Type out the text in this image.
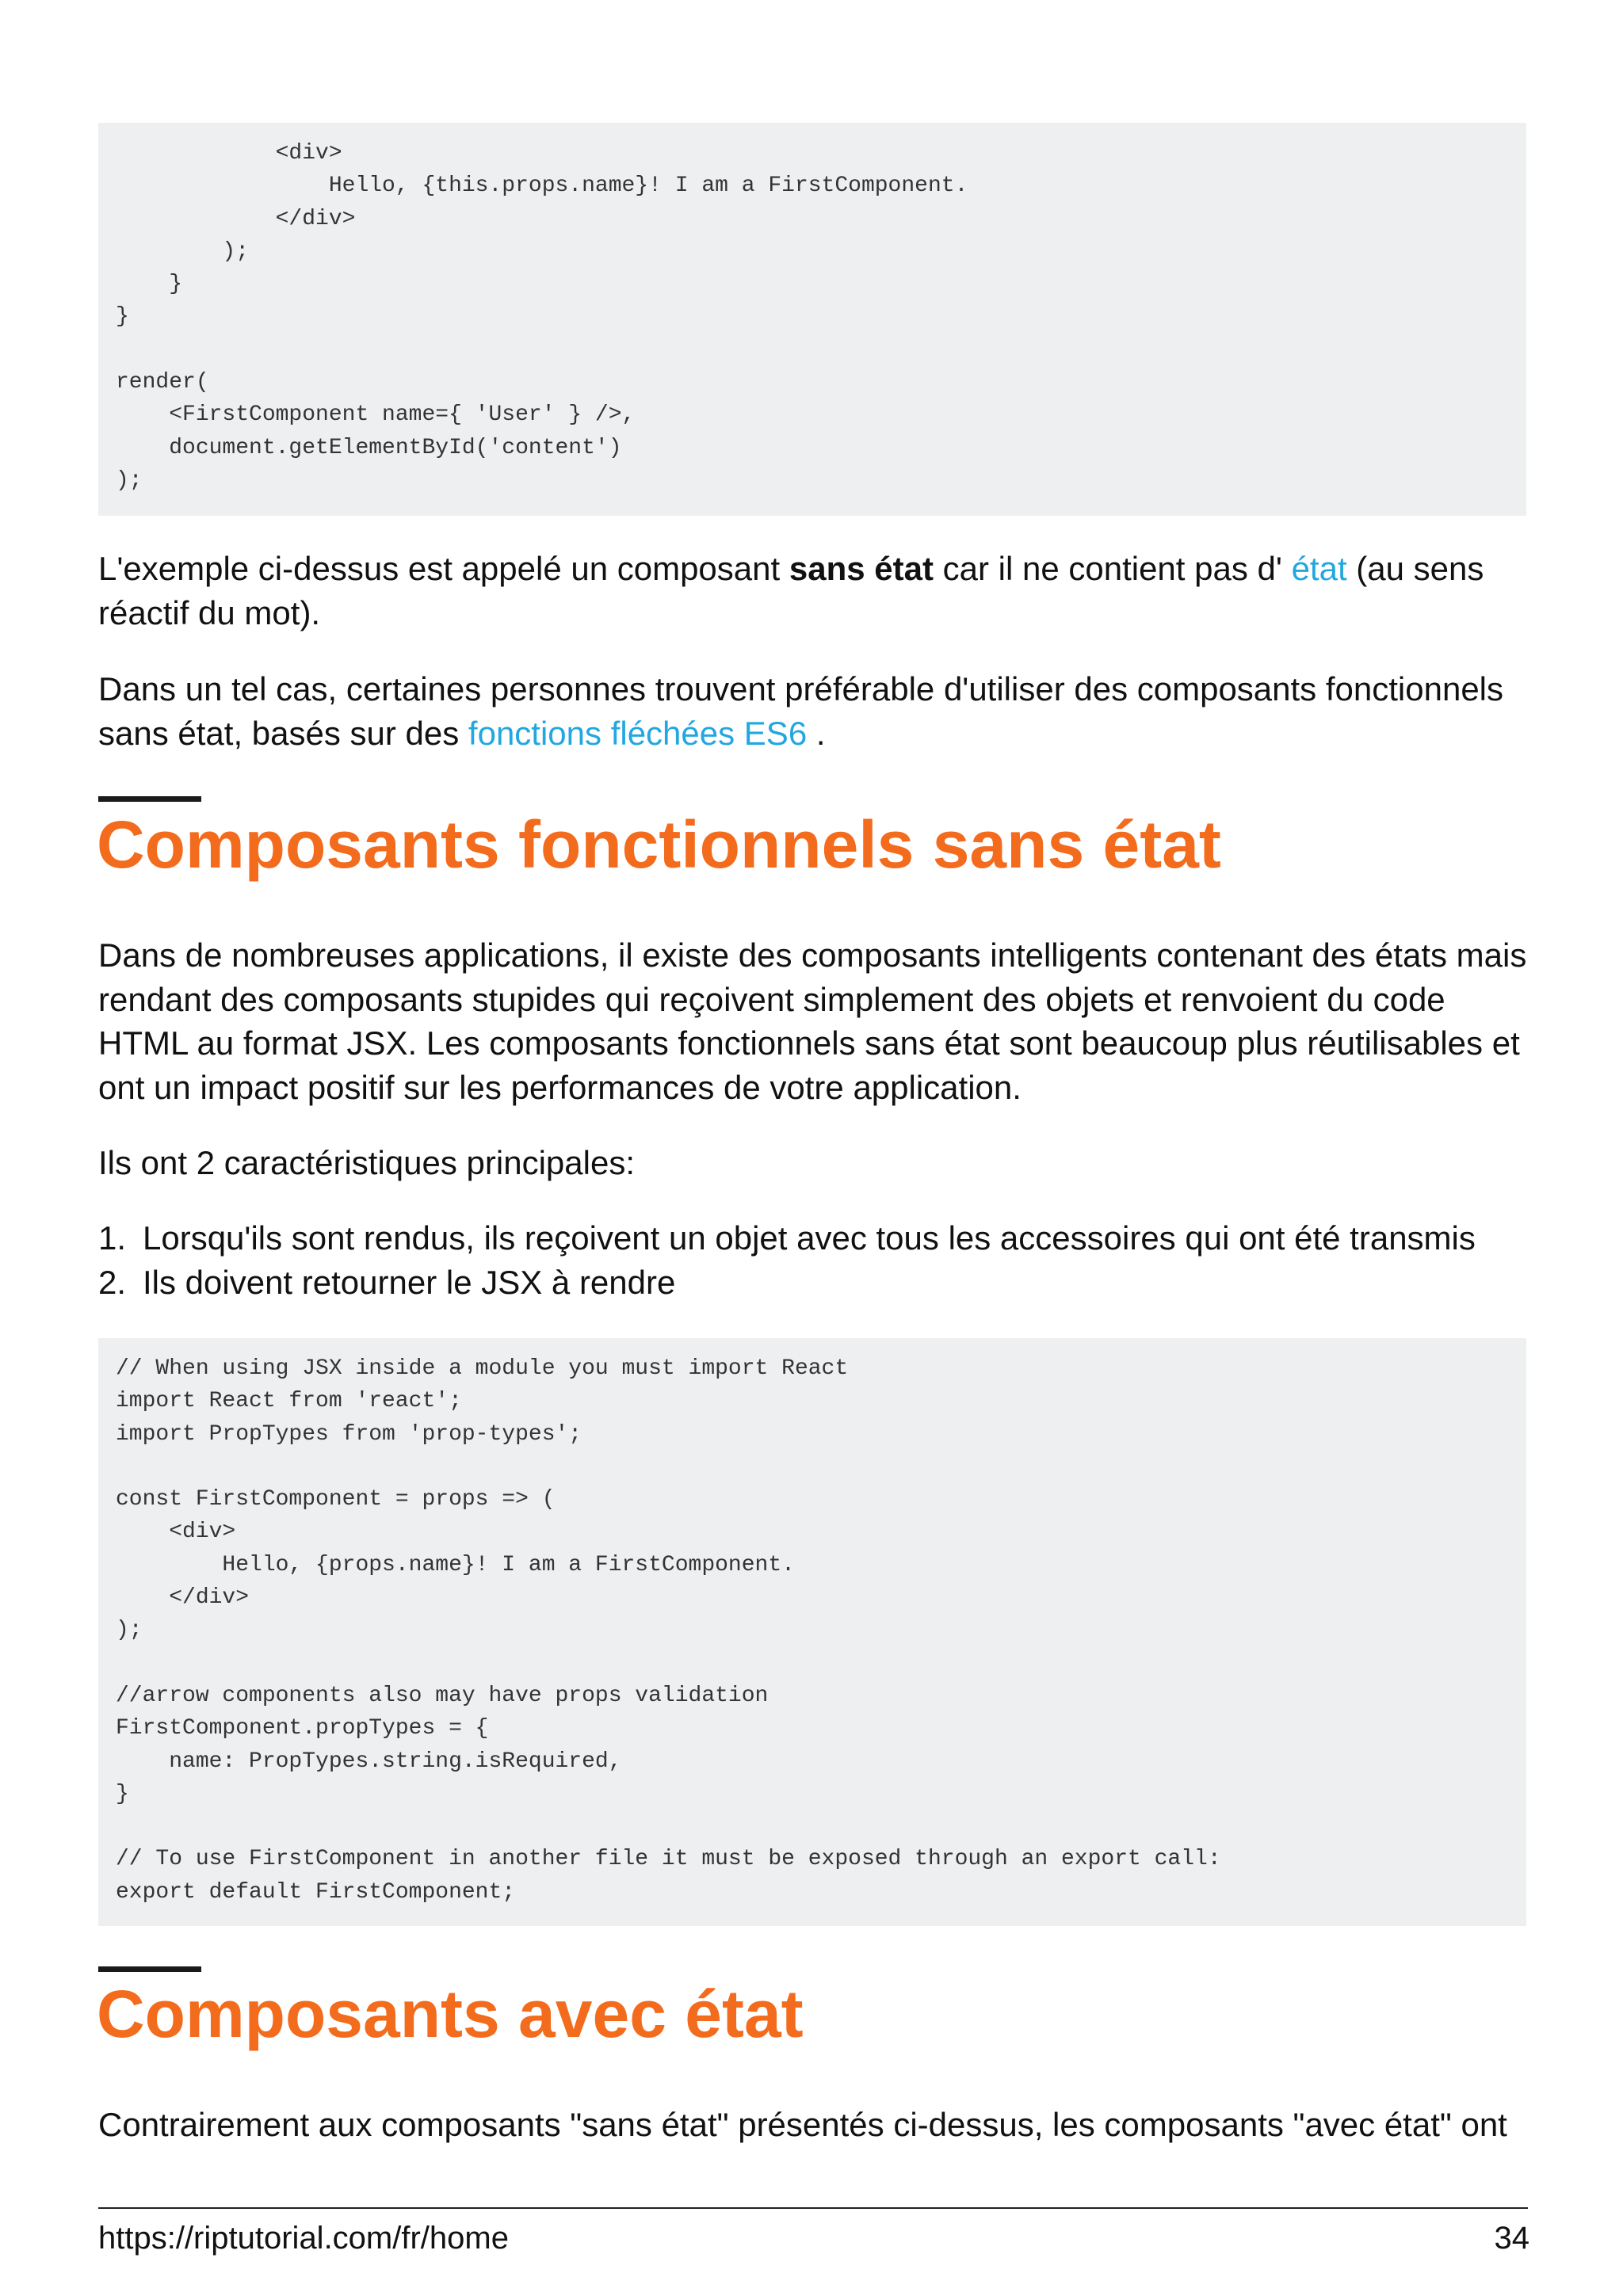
<div>
Hello, {this.props.name}! I am a FirstComponent.
</div>
);
}
}

render(
<FirstComponent name={ 'User' } />,
document.getElementById('content')
);

L'exemple ci-dessus est appelé un composant sans état car il ne contient pas d' état (au sens réactif du mot).

Dans un tel cas, certaines personnes trouvent préférable d'utiliser des composants fonctionnels sans état, basés sur des fonctions fléchées ES6 .

Composants fonctionnels sans état

Dans de nombreuses applications, il existe des composants intelligents contenant des états mais rendant des composants stupides qui reçoivent simplement des objets et renvoient du code HTML au format JSX. Les composants fonctionnels sans état sont beaucoup plus réutilisables et ont un impact positif sur les performances de votre application.

Ils ont 2 caractéristiques principales:

1. Lorsqu'ils sont rendus, ils reçoivent un objet avec tous les accessoires qui ont été transmis
2. Ils doivent retourner le JSX à rendre
// When using JSX inside a module you must import React
import React from 'react';
import PropTypes from 'prop-types';

const FirstComponent = props => (
<div>
Hello, {props.name}! I am a FirstComponent.
</div>
);

//arrow components also may have props validation
FirstComponent.propTypes = {
name: PropTypes.string.isRequired,
}

// To use FirstComponent in another file it must be exposed through an export call:
export default FirstComponent;

Composants avec état

Contrairement aux composants "sans état" présentés ci-dessus, les composants "avec état" ont

https://riptutorial.com/fr/home	34
